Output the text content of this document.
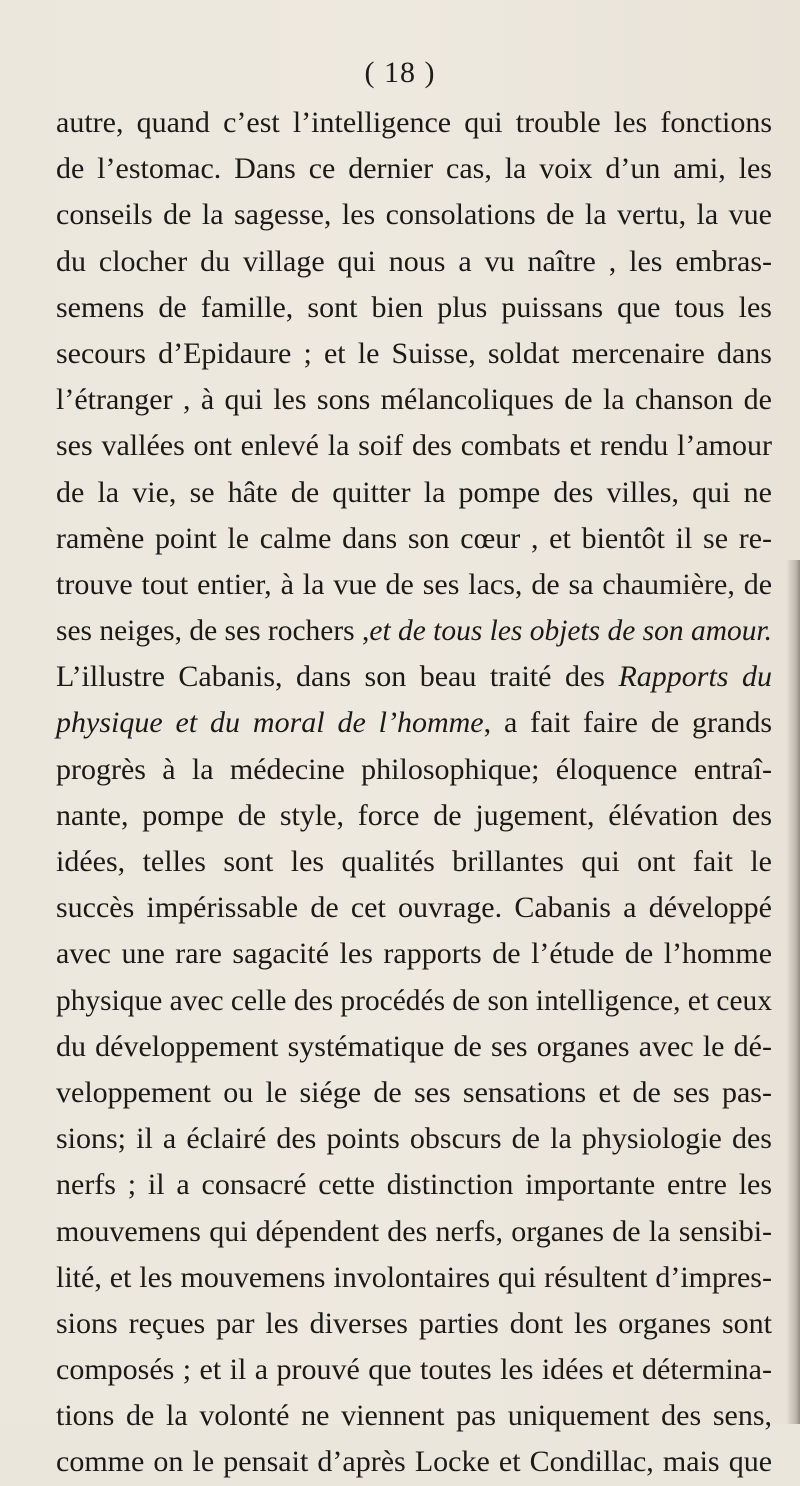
( 18 )
autre, quand c’est l’intelligence qui trouble les fonctions
de l’estomac. Dans ce dernier cas, la voix d’un ami, les
conseils de la sagesse, les consolations de la vertu, la vue
du clocher du village qui nous a vu naître , les embras-
semens de famille, sont bien plus puissans que tous les
secours d’Epidaure ; et le Suisse, soldat mercenaire dans
l’étranger , à qui les sons mélancoliques de la chanson de
ses vallées ont enlevé la soif des combats et rendu l’amour
de la vie, se hâte de quitter la pompe des villes, qui ne
ramène point le calme dans son cœur , et bientôt il se re-
trouve tout entier, à la vue de ses lacs, de sa chaumière, de
ses neiges, de ses rochers ,et de tous les objets de son amour.
L’illustre Cabanis, dans son beau traité des Rapports du
physique et du moral de l’homme, a fait faire de grands
progrès à la médecine philosophique; éloquence entraî-
nante, pompe de style, force de jugement, élévation des
idées, telles sont les qualités brillantes qui ont fait le
succès impérissable de cet ouvrage. Cabanis a développé
avec une rare sagacité les rapports de l’étude de l’homme
physique avec celle des procédés de son intelligence, et ceux
du développement systématique de ses organes avec le dé-
veloppement ou le siége de ses sensations et de ses pas-
sions; il a éclairé des points obscurs de la physiologie des
nerfs ; il a consacré cette distinction importante entre les
mouvemens qui dépendent des nerfs, organes de la sensibi-
lité, et les mouvemens involontaires qui résultent d’impres-
sions reçues par les diverses parties dont les organes sont
composés ; et il a prouvé que toutes les idées et détermina-
tions de la volonté ne viennent pas uniquement des sens,
comme on le pensait d’après Locke et Condillac, mais que
